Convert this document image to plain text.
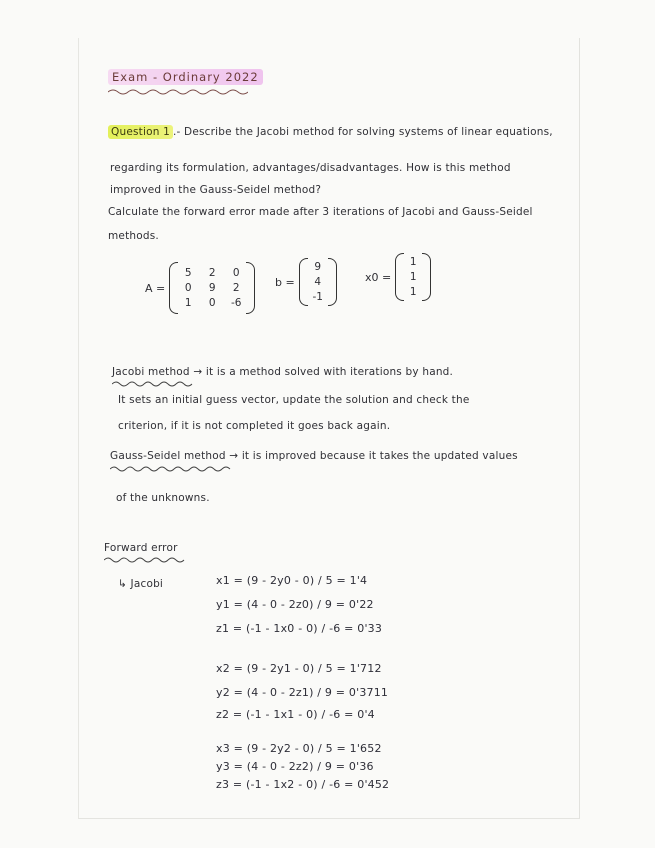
Exam - Ordinary 2022
Question 1 .- Describe the Jacobi method for solving systems of linear equations,
regarding its formulation, advantages/disadvantages. How is this method
improved in the Gauss-Seidel method?
Calculate the forward error made after 3 iterations of Jacobi and Gauss-Seidel
methods.
A =
5	2	0
0	9	2
1	0	-6
b =
9
4
-1
x0 =
1
1
1
Jacobi method → it is a method solved with iterations by hand.
It sets an initial guess vector, update the solution and check the
criterion, if it is not completed it goes back again.
Gauss-Seidel method → it is improved because it takes the updated values
of the unknowns.
Forward error
↳ Jacobi	x1 = (9 - 2y0 - 0) / 5 = 1'4
y1 = (4 - 0 - 2z0) / 9 = 0'22
z1 = (-1 - 1x0 - 0) / -6 = 0'33
x2 = (9 - 2y1 - 0) / 5 = 1'712
y2 = (4 - 0 - 2z1) / 9 = 0'3711
z2 = (-1 - 1x1 - 0) / -6 = 0'4
x3 = (9 - 2y2 - 0) / 5 = 1'652
y3 = (4 - 0 - 2z2) / 9 = 0'36
z3 = (-1 - 1x2 - 0) / -6 = 0'452
